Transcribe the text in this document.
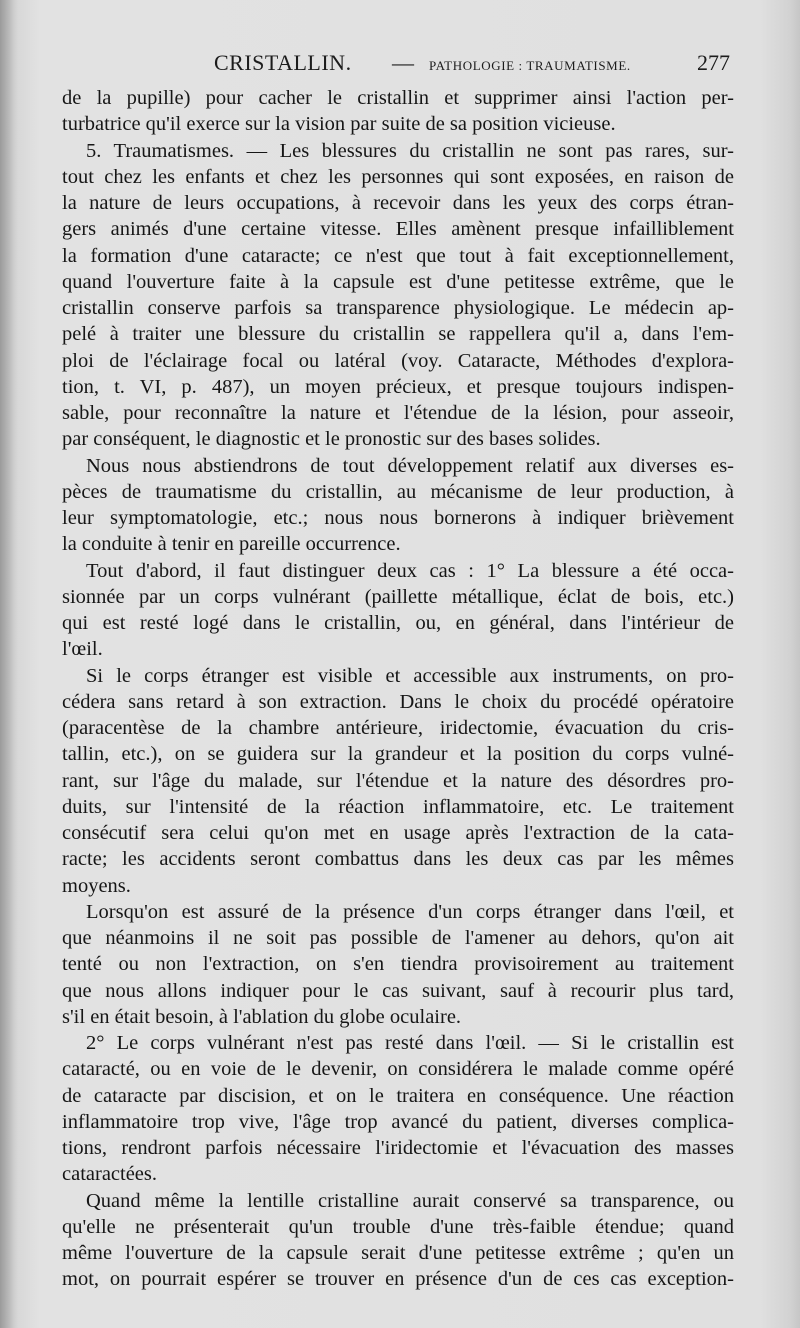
CRISTALLIN. — PATHOLOGIE : TRAUMATISME.	277
de la pupille) pour cacher le cristallin et supprimer ainsi l'action per-
turbatrice qu'il exerce sur la vision par suite de sa position vicieuse.
5. Traumatismes. — Les blessures du cristallin ne sont pas rares, sur-
tout chez les enfants et chez les personnes qui sont exposées, en raison de
la nature de leurs occupations, à recevoir dans les yeux des corps étran-
gers animés d'une certaine vitesse. Elles amènent presque infailliblement
la formation d'une cataracte; ce n'est que tout à fait exceptionnellement,
quand l'ouverture faite à la capsule est d'une petitesse extrême, que le
cristallin conserve parfois sa transparence physiologique. Le médecin ap-
pelé à traiter une blessure du cristallin se rappellera qu'il a, dans l'em-
ploi de l'éclairage focal ou latéral (voy. Cataracte, Méthodes d'explora-
tion, t. VI, p. 487), un moyen précieux, et presque toujours indispen-
sable, pour reconnaître la nature et l'étendue de la lésion, pour asseoir,
par conséquent, le diagnostic et le pronostic sur des bases solides.
Nous nous abstiendrons de tout développement relatif aux diverses es-
pèces de traumatisme du cristallin, au mécanisme de leur production, à
leur symptomatologie, etc.; nous nous bornerons à indiquer brièvement
la conduite à tenir en pareille occurrence.
Tout d'abord, il faut distinguer deux cas : 1° La blessure a été occa-
sionnée par un corps vulnérant (paillette métallique, éclat de bois, etc.)
qui est resté logé dans le cristallin, ou, en général, dans l'intérieur de
l'œil.
Si le corps étranger est visible et accessible aux instruments, on pro-
cédera sans retard à son extraction. Dans le choix du procédé opératoire
(paracentèse de la chambre antérieure, iridectomie, évacuation du cris-
tallin, etc.), on se guidera sur la grandeur et la position du corps vulné-
rant, sur l'âge du malade, sur l'étendue et la nature des désordres pro-
duits, sur l'intensité de la réaction inflammatoire, etc. Le traitement
consécutif sera celui qu'on met en usage après l'extraction de la cata-
racte; les accidents seront combattus dans les deux cas par les mêmes
moyens.
Lorsqu'on est assuré de la présence d'un corps étranger dans l'œil, et
que néanmoins il ne soit pas possible de l'amener au dehors, qu'on ait
tenté ou non l'extraction, on s'en tiendra provisoirement au traitement
que nous allons indiquer pour le cas suivant, sauf à recourir plus tard,
s'il en était besoin, à l'ablation du globe oculaire.
2° Le corps vulnérant n'est pas resté dans l'œil. — Si le cristallin est
cataracté, ou en voie de le devenir, on considérera le malade comme opéré
de cataracte par discision, et on le traitera en conséquence. Une réaction
inflammatoire trop vive, l'âge trop avancé du patient, diverses complica-
tions, rendront parfois nécessaire l'iridectomie et l'évacuation des masses
cataractées.
Quand même la lentille cristalline aurait conservé sa transparence, ou
qu'elle ne présenterait qu'un trouble d'une très-faible étendue; quand
même l'ouverture de la capsule serait d'une petitesse extrême ; qu'en un
mot, on pourrait espérer se trouver en présence d'un de ces cas exception-
